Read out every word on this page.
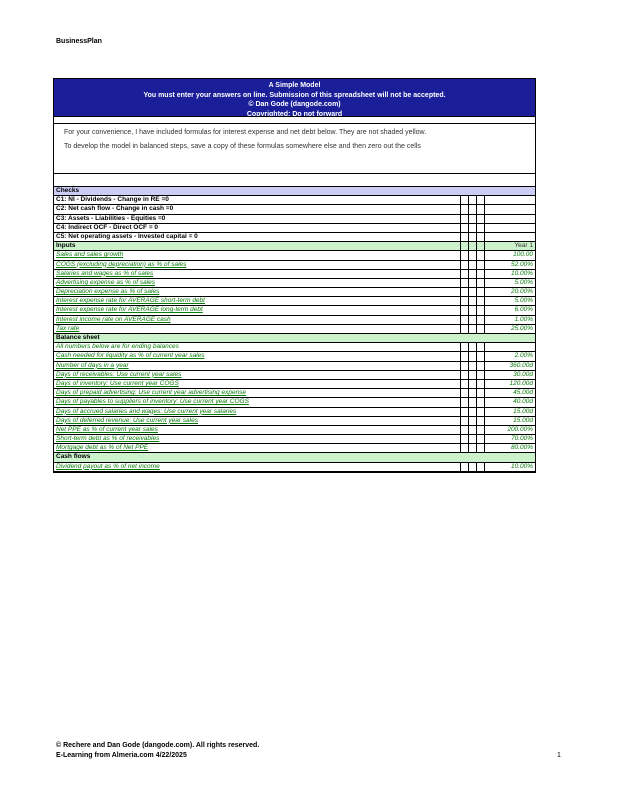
BusinessPlan
A Simple Model
You must enter your answers on line. Submission of this spreadsheet will not be accepted.
© Dan Gode (dangode.com)
Copyrighted: Do not forward

For your convenience, I have included formulas for interest expense and net debt below. They are not shaded yellow.

To develop the model in balanced steps, save a copy of these formulas somewhere else and then zero out the cells

Checks
C1: NI - Dividends - Change in RE =0
C2: Net cash flow - Change in cash =0
C3: Assets - Liabilities - Equities =0
C4: Indirect OCF - Direct OCF = 0
C5: Net operating assets - Invested capital = 0
Inputs	Year 1
Sales and sales growth	100.00
COGS (excluding depreciation) as % of sales	52.00%
Salaries and wages as % of sales	10.00%
Advertising expense as % of sales	5.00%
Depreciation expense as % of sales	20.00%
Interest expense rate for AVERAGE short-term debt	5.00%
Interest expense rate for AVERAGE long-term debt	6.00%
Interest income rate on AVERAGE cash	1.00%
Tax rate	25.00%
Balance sheet
All numbers below are for ending balances
Cash needed for liquidity as % of current year sales	2.00%
Number of days in a year	360.00d
Days of receivables: Use current year sales	30.00d
Days of inventory: Use current year COGS	120.00d
Days of prepaid advertising: Use current year advertising expense	45.00d
Days of payables to suppliers of inventory: Use current year COGS	40.00d
Days of accrued salaries and wages: Use current year salaries	15.00d
Days of deferred revenue: Use current year sales	15.00d
Net PPE as % of current year sales	200.00%
Short-term debt as % of receivables	70.00%
Mortgage debt as % of Net PPE	80.00%
Cash flows
Dividend payout as % of net income	10.00%
© Rechere and Dan Gode (dangode.com). All rights reserved.
E-Learning from Almeria.com 4/22/2025	1
